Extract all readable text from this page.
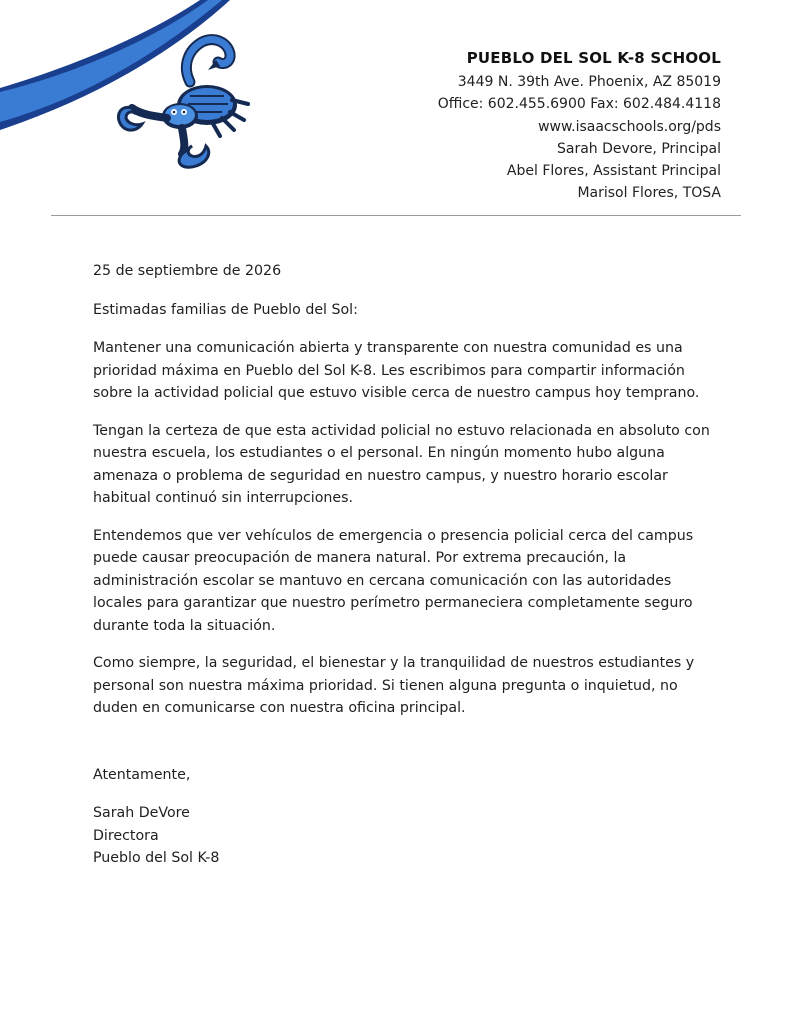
PUEBLO DEL SOL K-8 SCHOOL
3449 N. 39th Ave. Phoenix, AZ 85019
Office: 602.455.6900 Fax: 602.484.4118
www.isaacschools.org/pds
Sarah Devore, Principal
Abel Flores, Assistant Principal
Marisol Flores, TOSA

25 de septiembre de 2026

Estimadas familias de Pueblo del Sol:

Mantener una comunicación abierta y transparente con nuestra comunidad es una prioridad máxima en Pueblo del Sol K-8. Les escribimos para compartir información sobre la actividad policial que estuvo visible cerca de nuestro campus hoy temprano.

Tengan la certeza de que esta actividad policial no estuvo relacionada en absoluto con nuestra escuela, los estudiantes o el personal. En ningún momento hubo alguna amenaza o problema de seguridad en nuestro campus, y nuestro horario escolar habitual continuó sin interrupciones.

Entendemos que ver vehículos de emergencia o presencia policial cerca del campus puede causar preocupación de manera natural. Por extrema precaución, la administración escolar se mantuvo en cercana comunicación con las autoridades locales para garantizar que nuestro perímetro permaneciera completamente seguro durante toda la situación.

Como siempre, la seguridad, el bienestar y la tranquilidad de nuestros estudiantes y personal son nuestra máxima prioridad. Si tienen alguna pregunta o inquietud, no duden en comunicarse con nuestra oficina principal.

Atentamente,

Sarah DeVore
Directora
Pueblo del Sol K-8
